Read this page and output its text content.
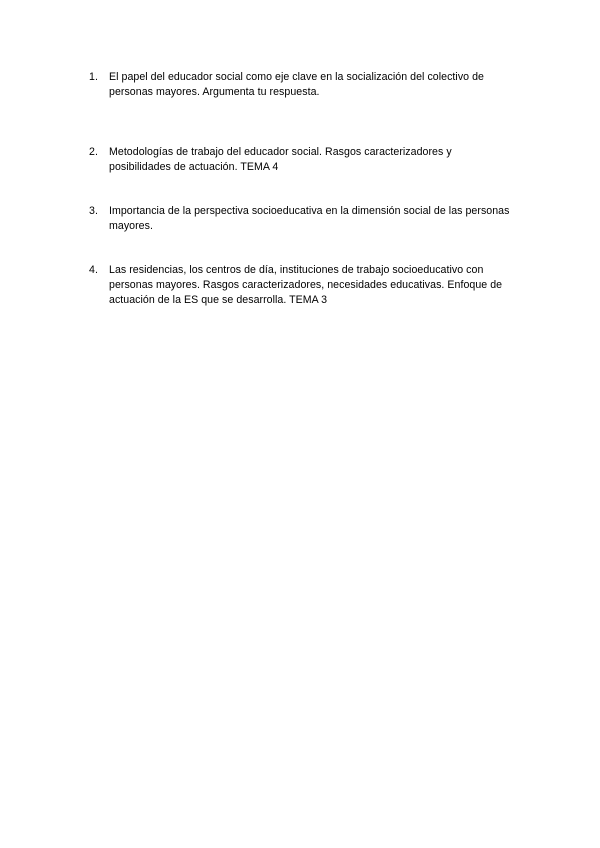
1.	El papel del educador social como eje clave en la socialización del colectivo de
personas mayores. Argumenta tu respuesta.
2.	Metodologías de trabajo del educador social. Rasgos caracterizadores y
posibilidades de actuación. TEMA 4
3.	Importancia de la perspectiva socioeducativa en la dimensión social de las personas
mayores.
4.	Las residencias, los centros de día, instituciones de trabajo socioeducativo con
personas mayores. Rasgos caracterizadores, necesidades educativas. Enfoque de
actuación de la ES que se desarrolla. TEMA 3
